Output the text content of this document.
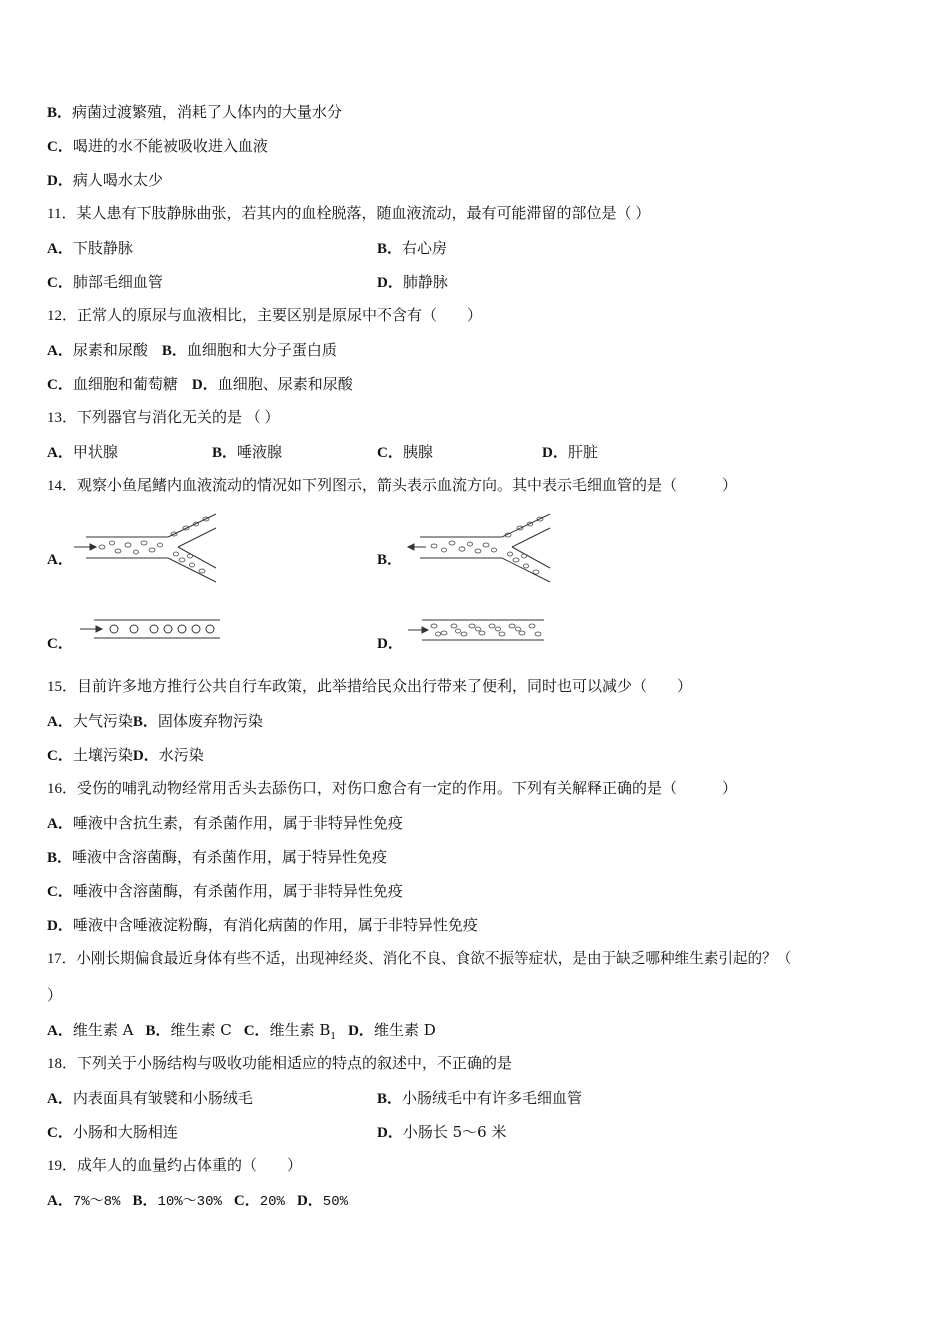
B．病菌过渡繁殖，消耗了人体内的大量水分
C．喝进的水不能被吸收进入血液
D．病人喝水太少
11．某人患有下肢静脉曲张，若其内的血栓脱落，随血液流动，最有可能滞留的部位是（ ）
A．下肢静脉	B．右心房
C．肺部毛细血管	D．肺静脉
12．正常人的原尿与血液相比，主要区别是原尿中不含有（　　）
A．尿素和尿酸 B．血细胞和大分子蛋白质
C．血细胞和葡萄糖 D．血细胞、尿素和尿酸
13．下列器官与消化无关的是 （ ）
A．甲状腺	B．唾液腺	C．胰腺	D．肝脏
14．观察小鱼尾鳍内血液流动的情况如下列图示，箭头表示血流方向。其中表示毛细血管的是（　　　）
A．	B．
C．	D．
15．目前许多地方推行公共自行车政策，此举措给民众出行带来了便利，同时也可以减少（　　）
A．大气污染B．固体废弃物污染
C．土壤污染D．水污染
16．受伤的哺乳动物经常用舌头去舔伤口，对伤口愈合有一定的作用。下列有关解释正确的是（　　　）
A．唾液中含抗生素，有杀菌作用，属于非特异性免疫
B．唾液中含溶菌酶，有杀菌作用，属于特异性免疫
C．唾液中含溶菌酶，有杀菌作用，属于非特异性免疫
D．唾液中含唾液淀粉酶，有消化病菌的作用，属于非特异性免疫
17．小刚长期偏食最近身体有些不适，出现神经炎、消化不良、食欲不振等症状，是由于缺乏哪种维生素引起的？（
）
A．维生素 A B．维生素 C C．维生素 $B_1$ D．维生素 D
18．下列关于小肠结构与吸收功能相适应的特点的叙述中，不正确的是
A．内表面具有皱襞和小肠绒毛	B．小肠绒毛中有许多毛细血管
C．小肠和大肠相连	D．小肠长 5～6 米
19．成年人的血量约占体重的（　　）
A．7%～8% B．10%～30% C．20% D．50%
